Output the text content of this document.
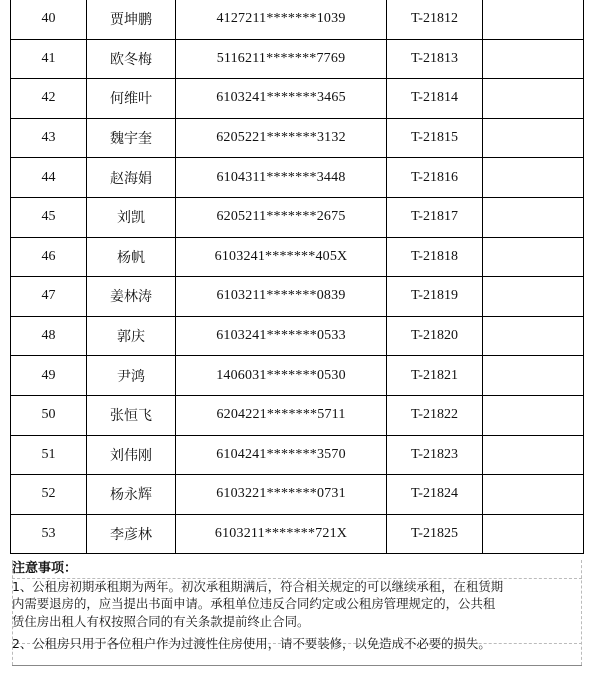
40	贾坤鹏	4127211*******1039	T-21812	
41	欧冬梅	5116211*******7769	T-21813	
42	何维叶	6103241*******3465	T-21814	
43	魏宇奎	6205221*******3132	T-21815	
44	赵海娟	6104311*******3448	T-21816	
45	刘凯	6205211*******2675	T-21817	
46	杨帆	6103241*******405X	T-21818	
47	姜林涛	6103211*******0839	T-21819	
48	郭庆	6103241*******0533	T-21820	
49	尹鸿	1406031*******0530	T-21821	
50	张恒飞	6204221*******5711	T-21822	
51	刘伟刚	6104241*******3570	T-21823	
52	杨永辉	6103221*******0731	T-21824	
53	李彦林	6103211*******721X	T-21825	
注意事项：
1、公租房初期承租期为两年。初次承租期满后，符合相关规定的可以继续承租，在租赁期
内需要退房的，应当提出书面申请。承租单位违反合同约定或公租房管理规定的，公共租
赁住房出租人有权按照合同的有关条款提前终止合同。
2、公租房只用于各位租户作为过渡性住房使用，请不要装修，以免造成不必要的损失。
